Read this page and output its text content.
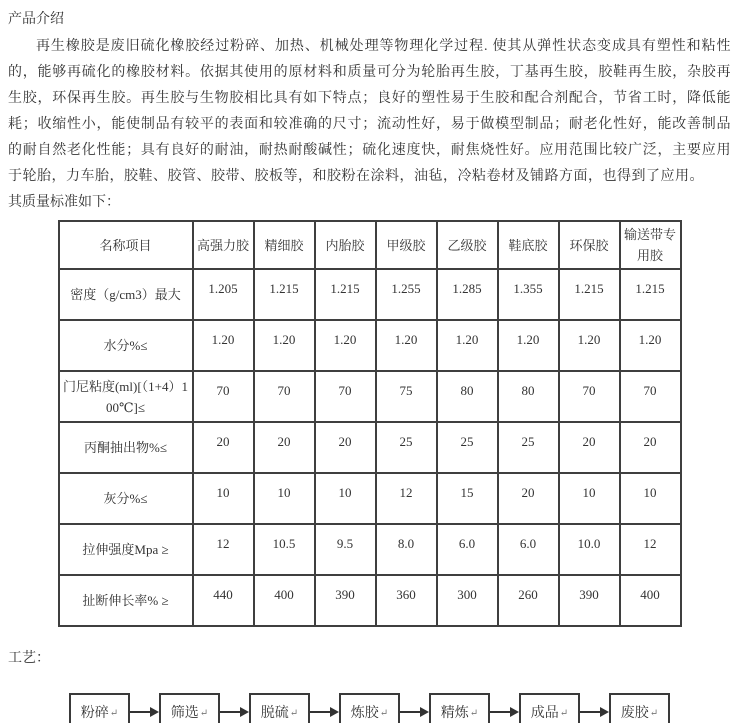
产品介绍

再生橡胶是废旧硫化橡胶经过粉碎、加热、机械处理等物理化学过程. 使其从弹性状态变成具有塑性和粘性的，能够再硫化的橡胶材料。依据其使用的原材料和质量可分为轮胎再生胶，丁基再生胶，胶鞋再生胶，杂胶再生胶，环保再生胶。再生胶与生物胶相比具有如下特点；良好的塑性易于生胶和配合剂配合，节省工时，降低能耗；收缩性小，能使制品有较平的表面和较准确的尺寸；流动性好，易于做模型制品；耐老化性好，能改善制品的耐自然老化性能；具有良好的耐油，耐热耐酸碱性；硫化速度快，耐焦烧性好。应用范围比较广泛，主要应用于轮胎，力车胎，胶鞋、胶管、胶带、胶板等，和胶粉在涂料，油毡，冷粘卷材及铺路方面，也得到了应用。

其质量标准如下：
名称项目	高强力胶	精细胶	内胎胶	甲级胶	乙级胶	鞋底胶	环保胶	输送带专用胶
密度（g/cm3）最大	1.205	1.215	1.215	1.255	1.285	1.355	1.215	1.215
水分%≤	1.20	1.20	1.20	1.20	1.20	1.20	1.20	1.20
门尼粘度(ml)[（1+4）100℃]≤	70	70	70	75	80	80	70	70
丙酮抽出物%≤	20	20	20	25	25	25	20	20
灰分%≤	10	10	10	12	15	20	10	10
拉伸强度Mpa ≥	12	10.5	9.5	8.0	6.0	6.0	10.0	12
扯断伸长率% ≥	440	400	390	360	300	260	390	400
工艺：
粉碎 ↵	筛选 ↵	脱硫 ↵	炼胶 ↵	精炼 ↵	成品 ↵	废胶 ↵
